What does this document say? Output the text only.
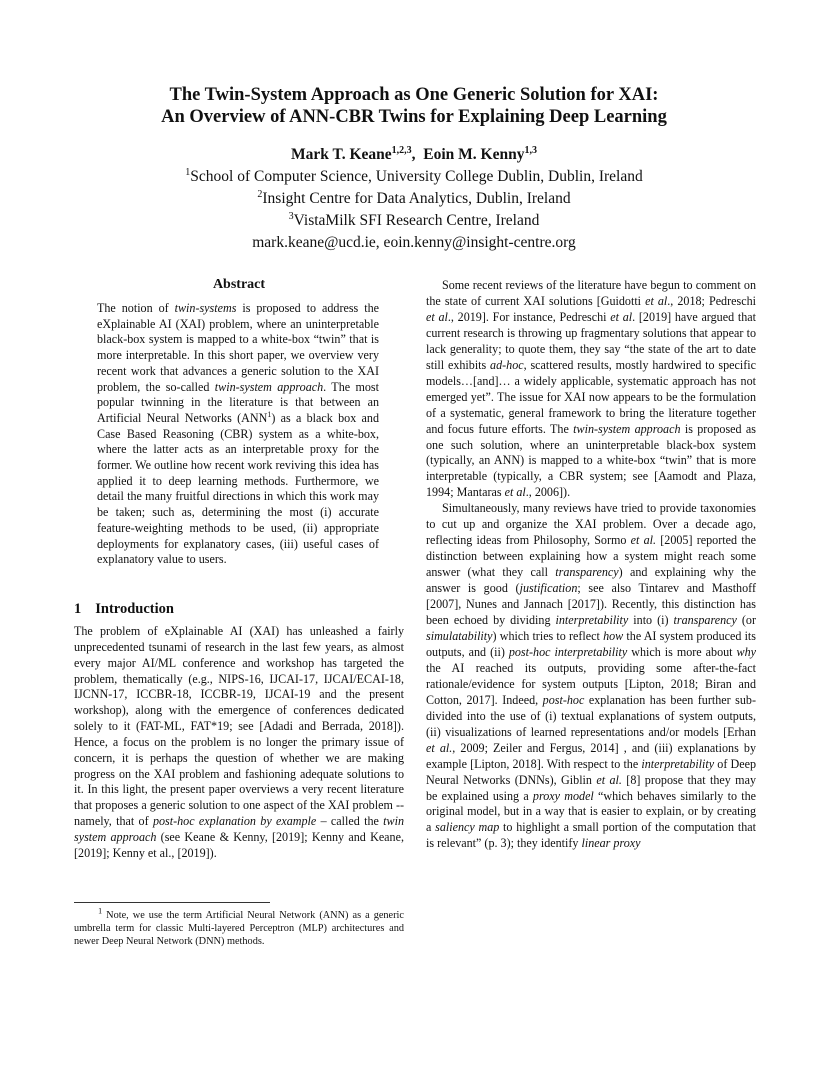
The Twin-System Approach as One Generic Solution for XAI:
An Overview of ANN-CBR Twins for Explaining Deep Learning
Mark T. Keane$^{1,2,3}$,  Eoin M. Kenny$^{1,3}$
$^1$School of Computer Science, University College Dublin, Dublin, Ireland
$^2$Insight Centre for Data Analytics, Dublin, Ireland
$^3$VistaMilk SFI Research Centre, Ireland
mark.keane@ucd.ie, eoin.kenny@insight-centre.org
Abstract
The notion of twin-systems is proposed to address the eXplainable AI (XAI) problem, where an uninterpretable black-box system is mapped to a white-box “twin” that is more interpretable. In this short paper, we overview very recent work that advances a generic solution to the XAI problem, the so-called twin-system approach. The most popular twinning in the literature is that between an Artificial Neural Networks (ANN$^1$) as a black box and Case Based Reasoning (CBR) system as a white-box, where the latter acts as an interpretable proxy for the former. We outline how recent work reviving this idea has applied it to deep learning methods. Furthermore, we detail the many fruitful directions in which this work may be taken; such as, determining the most (i) accurate feature-weighting methods to be used, (ii) appropriate deployments for explanatory cases, (iii) useful cases of explanatory value to users.
1 Introduction
The problem of eXplainable AI (XAI) has unleashed a fairly unprecedented tsunami of research in the last few years, as almost every major AI/ML conference and workshop has targeted the problem, thematically (e.g., NIPS-16, IJCAI-17, IJCAI/ECAI-18, IJCNN-17, ICCBR-18, ICCBR-19, IJCAI-19 and the present workshop), along with the emergence of conferences dedicated solely to it (FAT-ML, FAT*19; see [Adadi and Berrada, 2018]). Hence, a focus on the problem is no longer the primary issue of concern, it is perhaps the question of whether we are making progress on the XAI problem and fashioning adequate solutions to it. In this light, the present paper overviews a very recent literature that proposes a generic solution to one aspect of the XAI problem -- namely, that of post-hoc explanation by example – called the twin system approach (see Keane & Kenny, [2019]; Kenny and Keane, [2019]; Kenny et al., [2019]).
$^1$ Note, we use the term Artificial Neural Network (ANN) as a generic umbrella term for classic Multi-layered Perceptron (MLP) architectures and newer Deep Neural Network (DNN) methods.

Some recent reviews of the literature have begun to comment on the state of current XAI solutions [Guidotti et al., 2018; Pedreschi et al., 2019]. For instance, Pedreschi et al. [2019] have argued that current research is throwing up fragmentary solutions that appear to lack generality; to quote them, they say “the state of the art to date still exhibits ad-hoc, scattered results, mostly hardwired to specific models…[and]… a widely applicable, systematic approach has not emerged yet”. The issue for XAI now appears to be the formulation of a systematic, general framework to bring the literature together and focus future efforts. The twin-system approach is proposed as one such solution, where an uninterpretable black-box system (typically, an ANN) is mapped to a white-box “twin” that is more interpretable (typically, a CBR system; see [Aamodt and Plaza, 1994; Mantaras et al., 2006]).

Simultaneously, many reviews have tried to provide taxonomies to cut up and organize the XAI problem. Over a decade ago, reflecting ideas from Philosophy, Sormo et al. [2005] reported the distinction between explaining how a system might reach some answer (what they call transparency) and explaining why the answer is good (justification; see also Tintarev and Masthoff [2007], Nunes and Jannach [2017]). Recently, this distinction has been echoed by dividing interpretability into (i) transparency (or simulatability) which tries to reflect how the AI system produced its outputs, and (ii) post-hoc interpretability which is more about why the AI reached its outputs, providing some after-the-fact rationale/evidence for system outputs [Lipton, 2018; Biran and Cotton, 2017]. Indeed, post-hoc explanation has been further sub-divided into the use of (i) textual explanations of system outputs, (ii) visualizations of learned representations and/or models [Erhan et al., 2009; Zeiler and Fergus, 2014] , and (iii) explanations by example [Lipton, 2018]. With respect to the interpretability of Deep Neural Networks (DNNs), Giblin et al. [8] propose that they may be explained using a proxy model “which behaves similarly to the original model, but in a way that is easier to explain, or by creating a saliency map to highlight a small portion of the computation that is relevant” (p. 3); they identify linear proxy
